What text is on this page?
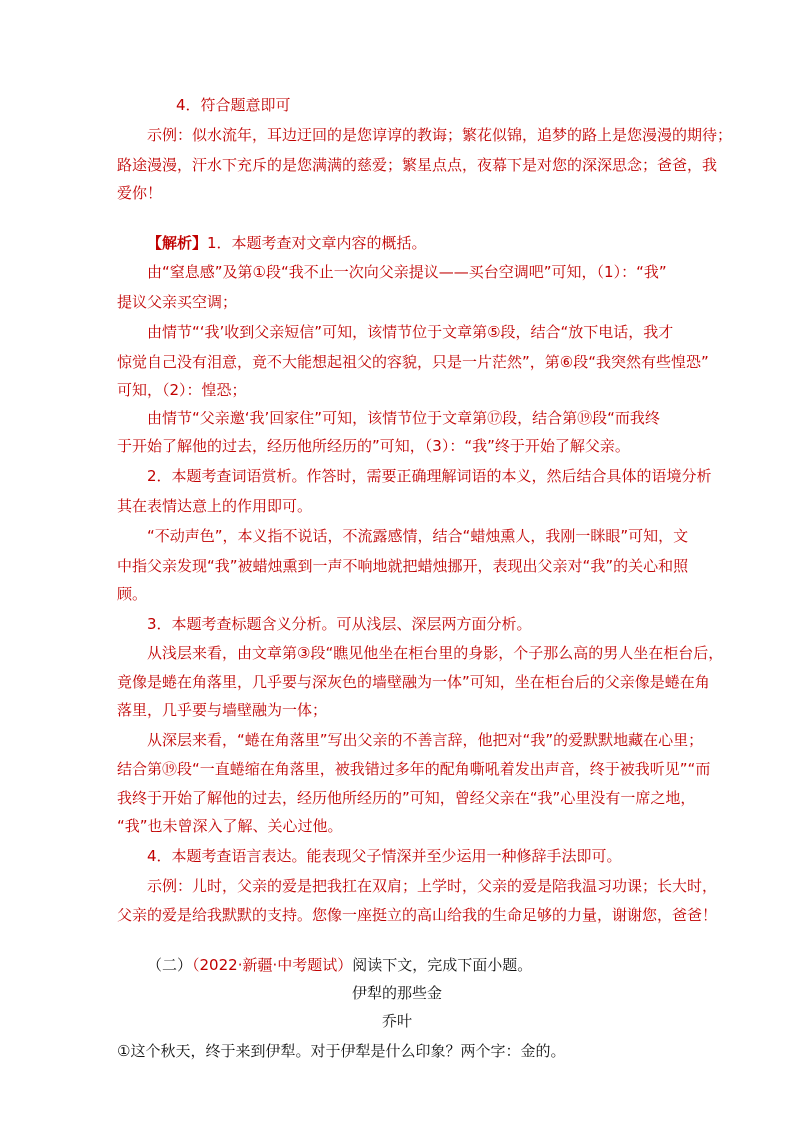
4．符合题意即可
示例：似水流年，耳边迂回的是您谆谆的教诲；繁花似锦，追梦的路上是您漫漫的期待；
路途漫漫，汗水下充斥的是您满满的慈爱；繁星点点，夜幕下是对您的深深思念；爸爸，我
爱你！
【解析】1．本题考查对文章内容的概括。
由“窒息感”及第①段“我不止一次向父亲提议——买台空调吧”可知，（1）：“我”
提议父亲买空调；
由情节“‘我’收到父亲短信”可知，该情节位于文章第⑤段，结合“放下电话，我才
惊觉自己没有泪意，竟不大能想起祖父的容貌，只是一片茫然”，第⑥段“我突然有些惶恐”
可知，（2）：惶恐；
由情节“父亲邀‘我’回家住”可知，该情节位于文章第⑰段，结合第⑲段“而我终
于开始了解他的过去，经历他所经历的”可知，（3）：“我”终于开始了解父亲。
2．本题考查词语赏析。作答时，需要正确理解词语的本义，然后结合具体的语境分析
其在表情达意上的作用即可。
“不动声色”，本义指不说话，不流露感情，结合“蜡烛熏人，我刚一眯眼”可知，文
中指父亲发现“我”被蜡烛熏到一声不响地就把蜡烛挪开，表现出父亲对“我”的关心和照
顾。
3．本题考查标题含义分析。可从浅层、深层两方面分析。
从浅层来看，由文章第③段“瞧见他坐在柜台里的身影，个子那么高的男人坐在柜台后，
竟像是蜷在角落里，几乎要与深灰色的墙壁融为一体”可知，坐在柜台后的父亲像是蜷在角
落里，几乎要与墙壁融为一体；
从深层来看，“蜷在角落里”写出父亲的不善言辞，他把对“我”的爱默默地藏在心里；
结合第⑲段“一直蜷缩在角落里，被我错过多年的配角嘶吼着发出声音，终于被我听见”“而
我终于开始了解他的过去，经历他所经历的”可知，曾经父亲在“我”心里没有一席之地，
“我”也未曾深入了解、关心过他。
4．本题考查语言表达。能表现父子情深并至少运用一种修辞手法即可。
示例：儿时，父亲的爱是把我扛在双肩；上学时，父亲的爱是陪我温习功课；长大时，
父亲的爱是给我默默的支持。您像一座挺立的高山给我的生命足够的力量，谢谢您，爸爸！
（二）（2022·新疆·中考题试）阅读下文，完成下面小题。
伊犁的那些金
乔叶
①这个秋天，终于来到伊犁。对于伊犁是什么印象？两个字：金的。
